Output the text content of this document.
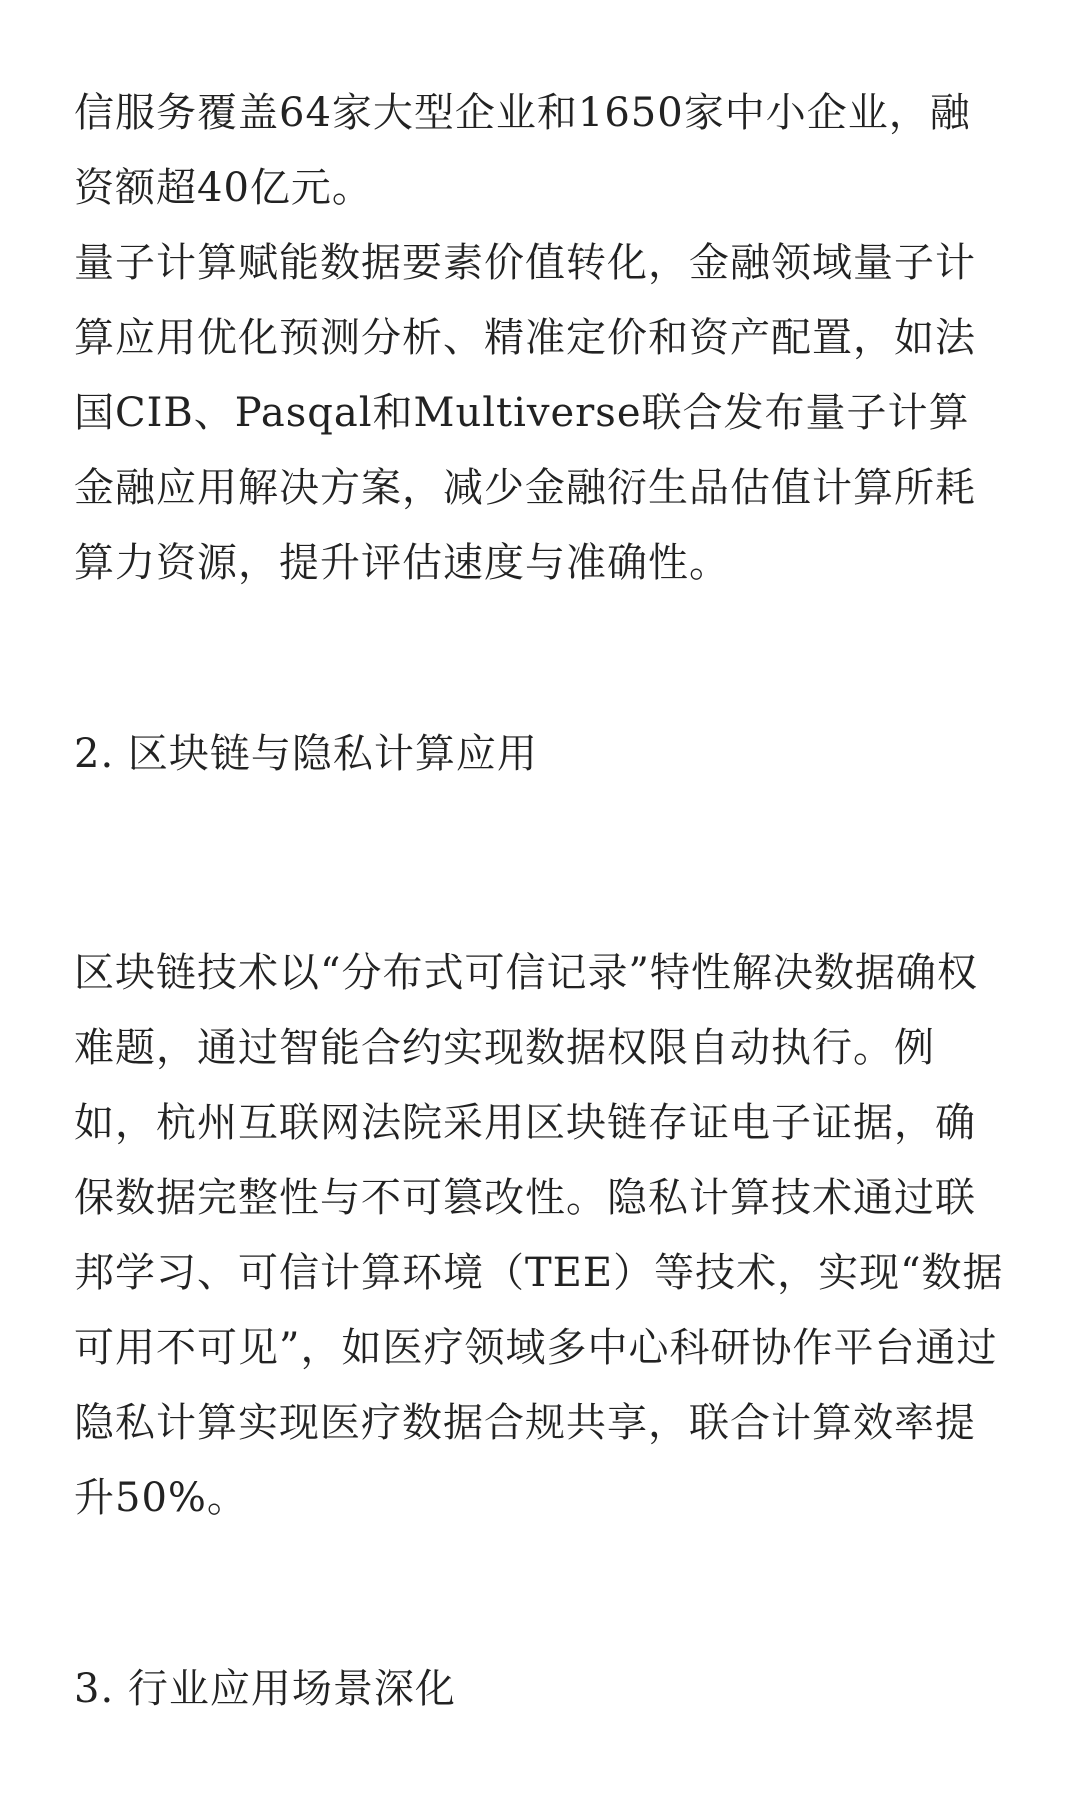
信服务覆盖64家大型企业和1650家中小企业，融资额超40亿元。

量子计算赋能数据要素价值转化，金融领域量子计算应用优化预测分析、精准定价和资产配置，如法国CIB、Pasqal和Multiverse联合发布量子计算金融应用解决方案，减少金融衍生品估值计算所耗算力资源，提升评估速度与准确性。

2. 区块链与隐私计算应用

区块链技术以“分布式可信记录”特性解决数据确权难题，通过智能合约实现数据权限自动执行。例如，杭州互联网法院采用区块链存证电子证据，确保数据完整性与不可篡改性。隐私计算技术通过联邦学习、可信计算环境（TEE）等技术，实现“数据可用不可见”，如医疗领域多中心科研协作平台通过隐私计算实现医疗数据合规共享，联合计算效率提升50%。

3. 行业应用场景深化
